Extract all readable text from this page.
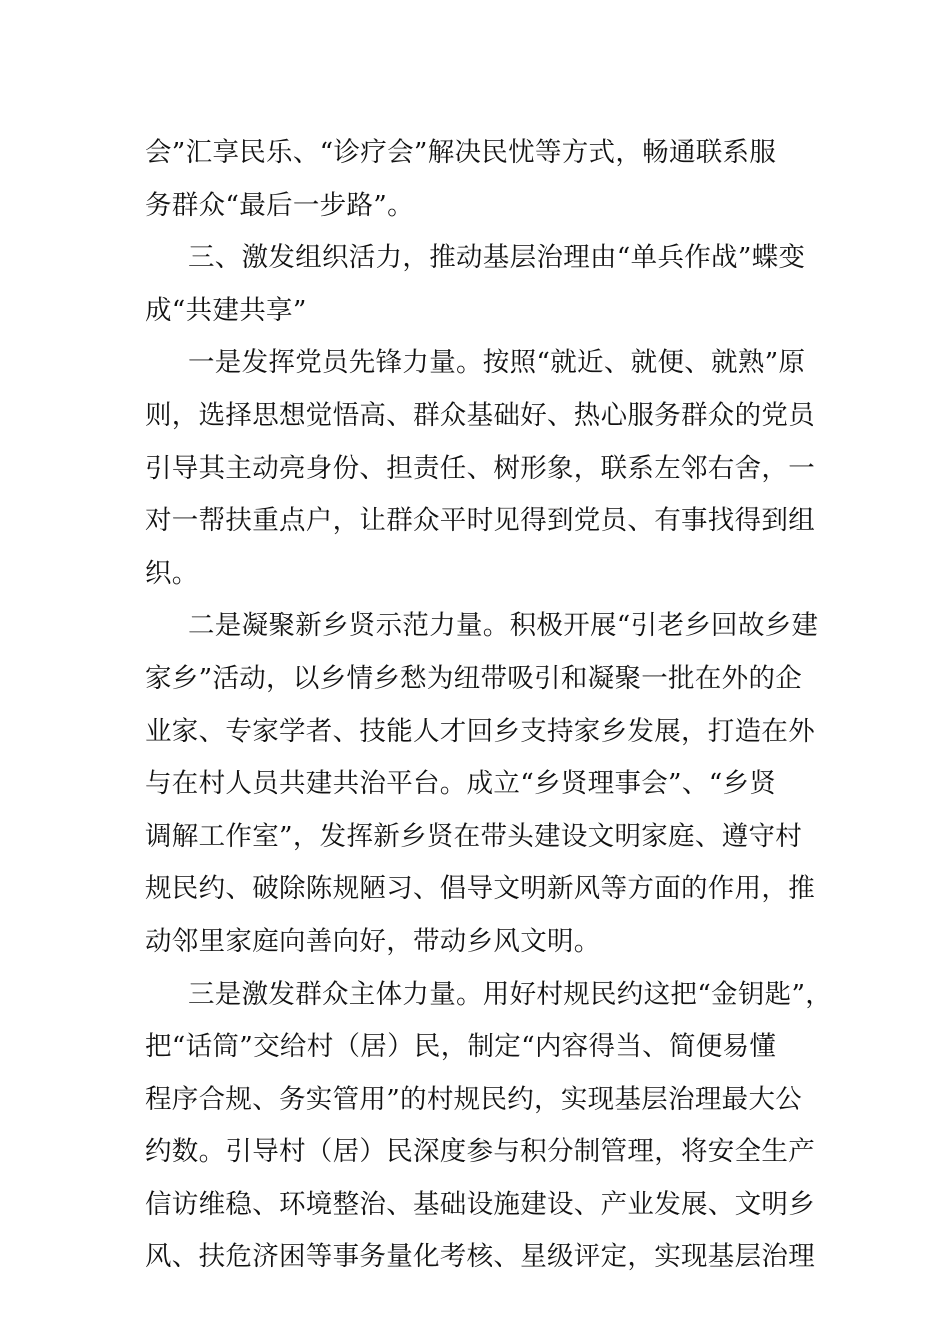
会”汇享民乐、“诊疗会”解决民忧等方式，畅通联系服
务群众“最后一步路”。
三、激发组织活力，推动基层治理由“单兵作战”蝶变
成“共建共享”
一是发挥党员先锋力量。按照“就近、就便、就熟”原
则，选择思想觉悟高、群众基础好、热心服务群众的党员
引导其主动亮身份、担责任、树形象，联系左邻右舍，一
对一帮扶重点户，让群众平时见得到党员、有事找得到组
织。
二是凝聚新乡贤示范力量。积极开展“引老乡回故乡建
家乡”活动，以乡情乡愁为纽带吸引和凝聚一批在外的企
业家、专家学者、技能人才回乡支持家乡发展，打造在外
与在村人员共建共治平台。成立“乡贤理事会”、“乡贤
调解工作室”，发挥新乡贤在带头建设文明家庭、遵守村
规民约、破除陈规陋习、倡导文明新风等方面的作用，推
动邻里家庭向善向好，带动乡风文明。
三是激发群众主体力量。用好村规民约这把“金钥匙”，
把“话筒”交给村（居）民，制定“内容得当、简便易懂
程序合规、务实管用”的村规民约，实现基层治理最大公
约数。引导村（居）民深度参与积分制管理，将安全生产
信访维稳、环境整治、基础设施建设、产业发展、文明乡
风、扶危济困等事务量化考核、星级评定，实现基层治理
